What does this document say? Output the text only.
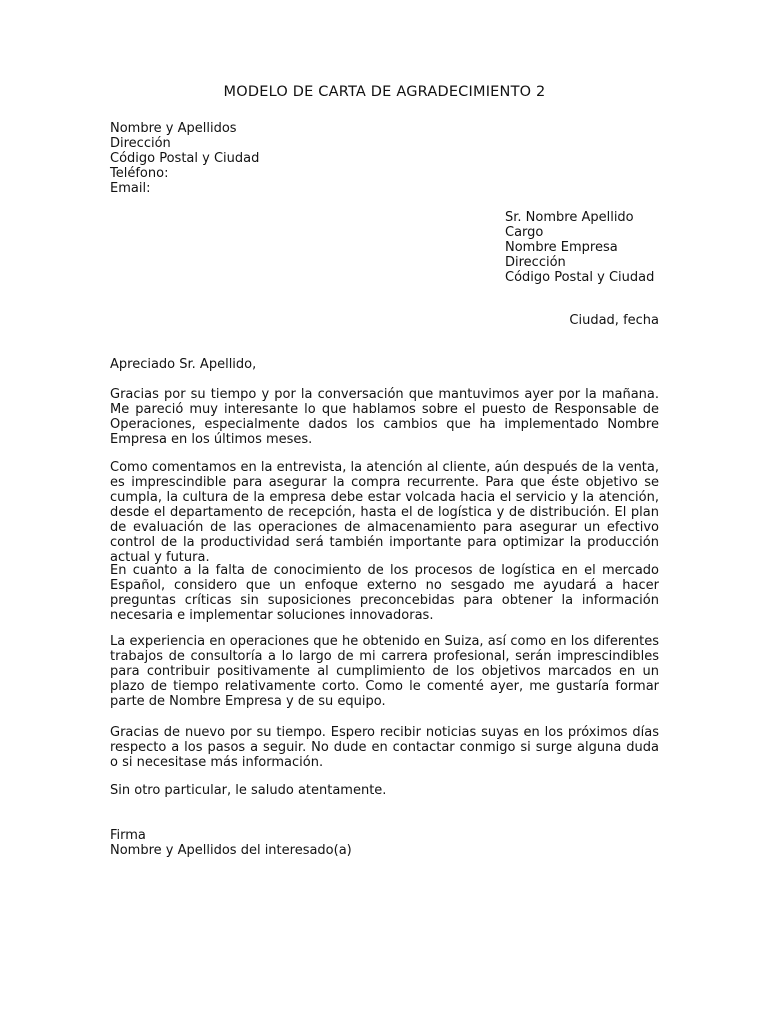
MODELO DE CARTA DE AGRADECIMIENTO 2
Nombre y Apellidos
Dirección
Código Postal y Ciudad
Teléfono:
Email:
Sr. Nombre Apellido
Cargo
Nombre Empresa
Dirección
Código Postal y Ciudad
Ciudad, fecha
Apreciado Sr. Apellido,
Gracias por su tiempo y por la conversación que mantuvimos ayer por la mañana. Me pareció muy interesante lo que hablamos sobre el puesto de Responsable de Operaciones, especialmente dados los cambios que ha implementado Nombre Empresa en los últimos meses.
Como comentamos en la entrevista, la atención al cliente, aún después de la venta, es imprescindible para asegurar la compra recurrente. Para que éste objetivo se cumpla, la cultura de la empresa debe estar volcada hacia el servicio y la atención, desde el departamento de recepción, hasta el de logística y de distribución. El plan de evaluación de las operaciones de almacenamiento para asegurar un efectivo control de la productividad será también importante para optimizar la producción actual y futura.
En cuanto a la falta de conocimiento de los procesos de logística en el mercado Español, considero que un enfoque externo no sesgado me ayudará a hacer preguntas críticas sin suposiciones preconcebidas para obtener la información necesaria e implementar soluciones innovadoras.
La experiencia en operaciones que he obtenido en Suiza, así como en los diferentes trabajos de consultoría a lo largo de mi carrera profesional, serán imprescindibles para contribuir positivamente al cumplimiento de los objetivos marcados en un plazo de tiempo relativamente corto. Como le comenté ayer, me gustaría formar parte de Nombre Empresa y de su equipo.
Gracias de nuevo por su tiempo. Espero recibir noticias suyas en los próximos días respecto a los pasos a seguir. No dude en contactar conmigo si surge alguna duda o si necesitase más información.
Sin otro particular, le saludo atentamente.
Firma
Nombre y Apellidos del interesado(a)
